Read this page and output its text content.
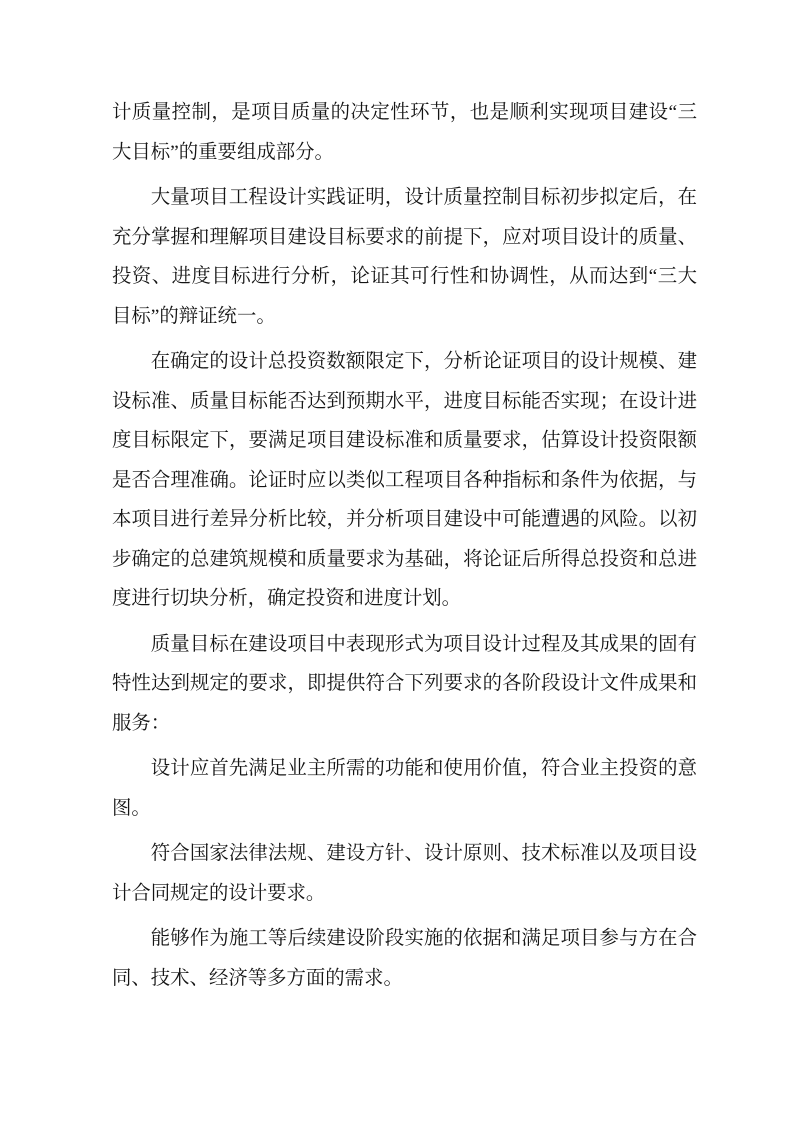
计质量控制，是项目质量的决定性环节，也是顺利实现项目建设“三大目标”的重要组成部分。

大量项目工程设计实践证明，设计质量控制目标初步拟定后，在充分掌握和理解项目建设目标要求的前提下，应对项目设计的质量、投资、进度目标进行分析，论证其可行性和协调性，从而达到“三大目标”的辩证统一。

在确定的设计总投资数额限定下，分析论证项目的设计规模、建设标准、质量目标能否达到预期水平，进度目标能否实现；在设计进度目标限定下，要满足项目建设标准和质量要求，估算设计投资限额是否合理准确。论证时应以类似工程项目各种指标和条件为依据，与本项目进行差异分析比较，并分析项目建设中可能遭遇的风险。以初步确定的总建筑规模和质量要求为基础，将论证后所得总投资和总进度进行切块分析，确定投资和进度计划。

质量目标在建设项目中表现形式为项目设计过程及其成果的固有特性达到规定的要求，即提供符合下列要求的各阶段设计文件成果和服务：

设计应首先满足业主所需的功能和使用价值，符合业主投资的意图。

符合国家法律法规、建设方针、设计原则、技术标准以及项目设计合同规定的设计要求。

能够作为施工等后续建设阶段实施的依据和满足项目参与方在合同、技术、经济等多方面的需求。
